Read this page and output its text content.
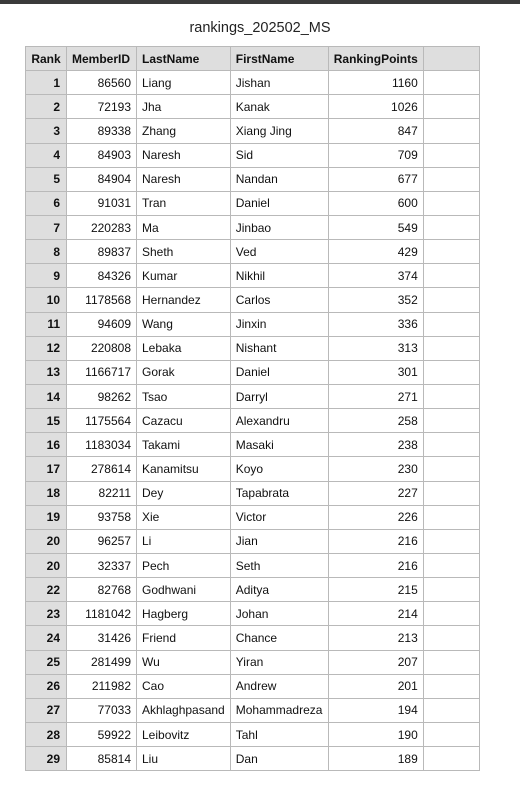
rankings_202502_MS
Rank	MemberID	LastName	FirstName	RankingPoints	
1	86560	Liang	Jishan	1160	
2	72193	Jha	Kanak	1026	
3	89338	Zhang	Xiang Jing	847	
4	84903	Naresh	Sid	709	
5	84904	Naresh	Nandan	677	
6	91031	Tran	Daniel	600	
7	220283	Ma	Jinbao	549	
8	89837	Sheth	Ved	429	
9	84326	Kumar	Nikhil	374	
10	1178568	Hernandez	Carlos	352	
11	94609	Wang	Jinxin	336	
12	220808	Lebaka	Nishant	313	
13	1166717	Gorak	Daniel	301	
14	98262	Tsao	Darryl	271	
15	1175564	Cazacu	Alexandru	258	
16	1183034	Takami	Masaki	238	
17	278614	Kanamitsu	Koyo	230	
18	82211	Dey	Tapabrata	227	
19	93758	Xie	Victor	226	
20	96257	Li	Jian	216	
20	32337	Pech	Seth	216	
22	82768	Godhwani	Aditya	215	
23	1181042	Hagberg	Johan	214	
24	31426	Friend	Chance	213	
25	281499	Wu	Yiran	207	
26	211982	Cao	Andrew	201	
27	77033	Akhlaghpasand	Mohammadreza	194	
28	59922	Leibovitz	Tahl	190	
29	85814	Liu	Dan	189	
